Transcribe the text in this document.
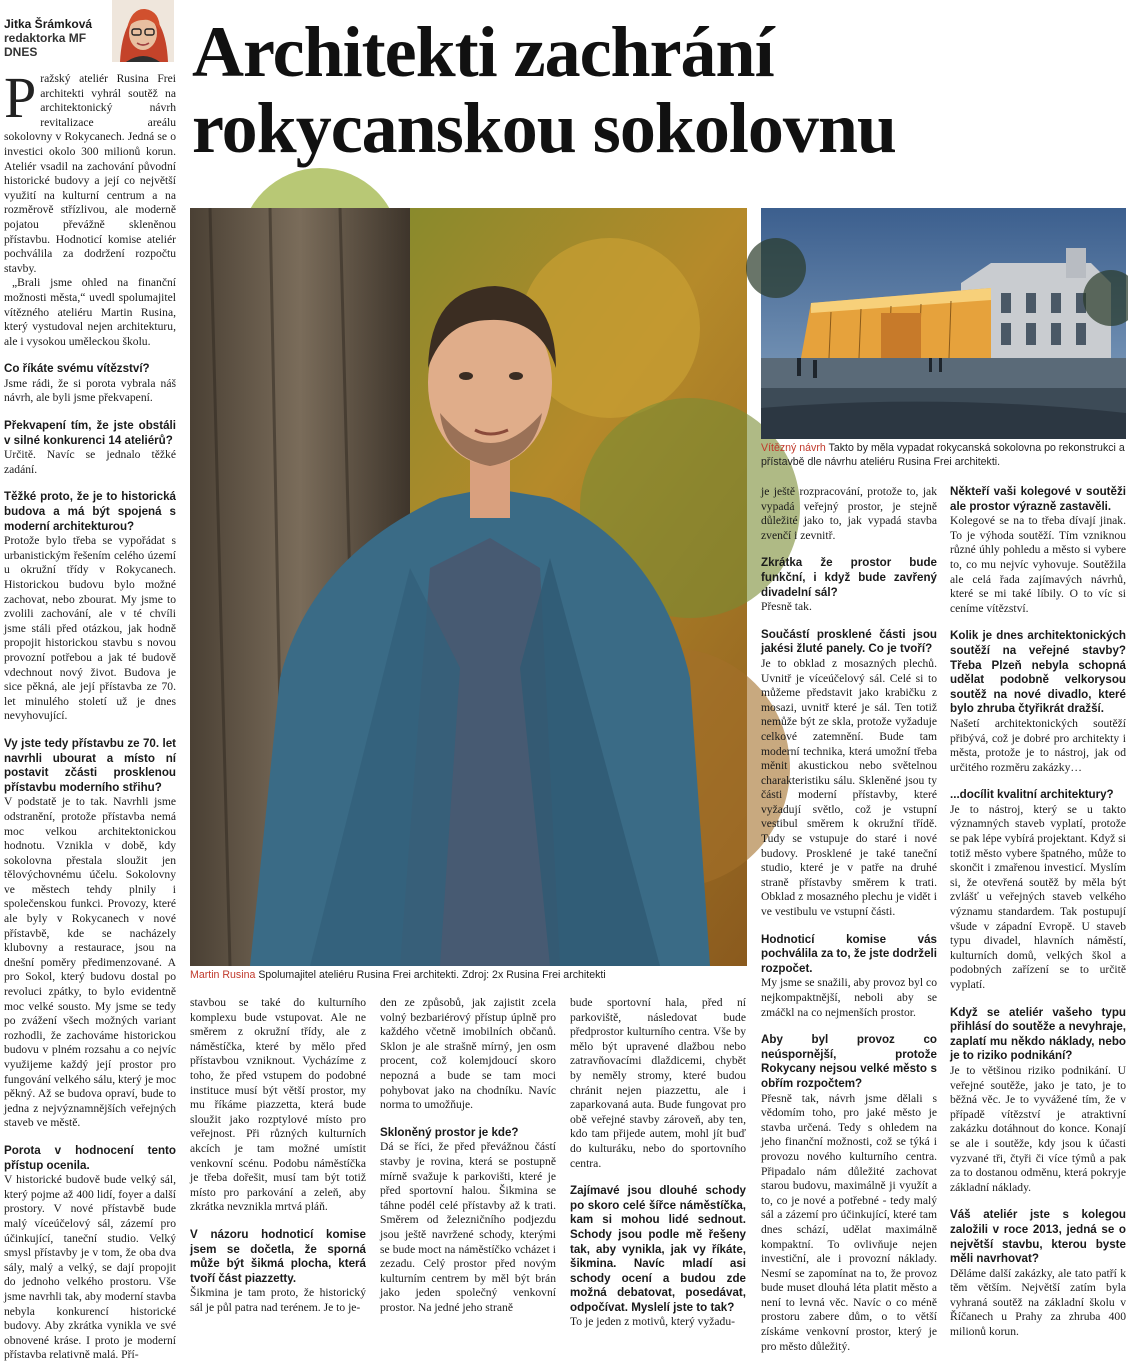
Jitka Šrámková
redaktorka MF DNES	Architekti zachrání
rokycanskou sokolovnu

Pražský ateliér Rusina Frei architekti vyhrál soutěž na architektonický návrh revitalizace areálu sokolovny v Rokycanech. Jedná se o investici okolo 300 milionů korun. Ateliér vsadil na zachování původní historické budovy a její co největší využití na kulturní centrum a na rozměrově střízlivou, ale moderně pojatou převážně skleněnou přístavbu. Hodnoticí komise ateliér pochválila za dodržení rozpočtu stavby.

„Brali jsme ohled na finanční možnosti města,“ uvedl spolumajitel vítězného ateliéru Martin Rusina, který vystudoval nejen architekturu, ale i vysokou uměleckou školu.

Co říkáte svému vítězství?

Jsme rádi, že si porota vybrala náš návrh, ale byli jsme překvapení.

Překvapení tím, že jste obstáli v silné konkurenci 14 ateliérů?

Určitě. Navíc se jednalo těžké zadání.

Těžké proto, že je to historická budova a má být spojená s moderní architekturou?

Protože bylo třeba se vypořádat s urbanistickým řešením celého území u okružní třídy v Rokycanech. Historickou budovu bylo možné zachovat, nebo zbourat. My jsme to zvolili zachování, ale v té chvíli jsme stáli před otázkou, jak hodně propojit historickou stavbu s novou provozní potřebou a jak té budově vdechnout nový život. Budova je sice pěkná, ale její přístavba ze 70. let minulého století už je dnes nevyhovující.

Vy jste tedy přístavbu ze 70. let navrhli ubourat a místo ní postavit zčásti prosklenou přístavbu moderního střihu?

V podstatě je to tak. Navrhli jsme odstranění, protože přístavba nemá moc velkou architektonickou hodnotu. Vznikla v době, kdy sokolovna přestala sloužit jen tělovýchovnému účelu. Sokolovny ve městech tehdy plnily i společenskou funkci. Provozy, které ale byly v Rokycanech v nové přístavbě, kde se nacházely klubovny a restaurace, jsou na dnešní poměry předimenzované. A pro Sokol, který budovu dostal po revoluci zpátky, to bylo evidentně moc velké sousto. My jsme se tedy po zvážení všech možných variant rozhodli, že zachováme historickou budovu v plném rozsahu a co nejvíc využijeme každý její prostor pro fungování velkého sálu, který je moc pěkný. Až se budova opraví, bude to jedna z nejvýznamnějších veřejných staveb ve městě.

Porota v hodnocení tento přístup ocenila.

V historické budově bude velký sál, který pojme až 400 lidí, foyer a další prostory. V nové přístavbě bude malý víceúčelový sál, zázemí pro účinkující, taneční studio. Velký smysl přístavby je v tom, že oba dva sály, malý a velký, se dají propojit do jednoho velkého prostoru. Vše jsme navrhli tak, aby moderní stavba nebyla konkurencí historické budovy. Aby zkrátka vynikla ve své obnovené kráse. I proto je moderní přístavba relativně malá. Pří-

Martin Rusina Spolumajitel ateliéru Rusina Frei architekti. Zdroj: 2x Rusina Frei architekti
Vítězný návrh Takto by měla vypadat rokycanská sokolovna po rekonstrukci a přístavbě dle návrhu ateliéru Rusina Frei architekti.

stavbou se také do kulturního komplexu bude vstupovat. Ale ne směrem z okružní třídy, ale z náměstíčka, které by mělo před přístavbou vzniknout. Vycházíme z toho, že před vstupem do podobné instituce musí být větší prostor, my mu říkáme piazzetta, která bude sloužit jako rozptylové místo pro veřejnost. Při různých kulturních akcích je tam možné umístit venkovní scénu. Podobu náměstíčka je třeba dořešit, musí tam být totiž místo pro parkování a zeleň, aby zkrátka nevznikla mrtvá pláň.

V názoru hodnoticí komise jsem se dočetla, že sporná může být šikmá plocha, která tvoří část piazzetty.

Šikmina je tam proto, že historický sál je půl patra nad terénem. Je to je-

den ze způsobů, jak zajistit zcela volný bezbariérový přístup úplně pro každého včetně imobilních občanů. Sklon je ale strašně mírný, jen osm procent, což kolemjdoucí skoro nepozná a bude se tam moci pohybovat jako na chodníku. Navíc norma to umožňuje.

Skloněný prostor je kde?

Dá se říci, že před převážnou částí stavby je rovina, která se postupně mírně svažuje k parkovišti, které je před sportovní halou. Šikmina se táhne podél celé přístavby až k trati. Směrem od železničního podjezdu jsou ještě navržené schody, kterými se bude moct na náměstíčko vcházet i zezadu. Celý prostor před novým kulturním centrem by měl být brán jako jeden společný venkovní prostor. Na jedné jeho straně

bude sportovní hala, před ní parkoviště, následovat bude předprostor kulturního centra. Vše by mělo být upravené dlažbou nebo zatravňovacími dlaždicemi, chybět by neměly stromy, které budou chránit nejen piazzettu, ale i zaparkovaná auta. Bude fungovat pro obě veřejné stavby zároveň, aby ten, kdo tam přijede autem, mohl jít buď do kulturáku, nebo do sportovního centra.

Zajímavé jsou dlouhé schody po skoro celé šířce náměstíčka, kam si mohou lidé sednout. Schody jsou podle mě řešeny tak, aby vynikla, jak vy říkáte, šikmina. Navíc mladí asi schody ocení a budou zde možná debatovat, posedávat, odpočívat. Myslelí jste to tak?

To je jeden z motivů, který vyžadu-

je ještě rozpracování, protože to, jak vypadá veřejný prostor, je stejně důležité jako to, jak vypadá stavba zvenčí i zevnitř.

Zkrátka že prostor bude funkční, i když bude zavřený divadelní sál?

Přesně tak.

Součástí prosklené části jsou jakési žluté panely. Co je tvoří?

Je to obklad z mosazných plechů. Uvnitř je víceúčelový sál. Celé si to můžeme představit jako krabičku z mosazi, uvnitř které je sál. Ten totiž nemůže být ze skla, protože vyžaduje celkové zatemnění. Bude tam moderní technika, která umožní třeba měnit akustickou nebo světelnou charakteristiku sálu. Skleněné jsou ty části moderní přístavby, které vyžadují světlo, což je vstupní vestibul směrem k okružní třídě. Tudy se vstupuje do staré i nové budovy. Prosklené je také taneční studio, které je v patře na druhé straně přístavby směrem k trati. Obklad z mosazného plechu je vidět i ve vestibulu ve vstupní části.

Hodnoticí komise vás pochválila za to, že jste dodrželi rozpočet.

My jsme se snažili, aby provoz byl co nejkompaktnější, neboli aby se zmáčkl na co nejmenších prostor.

Aby byl provoz co neúspornější, protože Rokycany nejsou velké město s obřím rozpočtem?

Přesně tak, návrh jsme dělali s vědomím toho, pro jaké město je stavba určená. Tedy s ohledem na jeho finanční možnosti, což se týká i provozu nového kulturního centra. Připadalo nám důležité zachovat starou budovu, maximálně ji využít a to, co je nové a potřebné - tedy malý sál a zázemí pro účinkující, které tam dnes schází, udělat maximálně kompaktní. To ovlivňuje nejen investiční, ale i provozní náklady. Nesmí se zapomínat na to, že provoz bude muset dlouhá léta platit město a není to levná věc. Navíc o co méně prostoru zabere dům, o to větší získáme venkovní prostor, který je pro město důležitý.

Někteří vaši kolegové v soutěži ale prostor výrazně zastavěli.

Kolegové se na to třeba dívají jinak. To je výhoda soutěží. Tím vzniknou různé úhly pohledu a město si vybere to, co mu nejvíc vyhovuje. Soutěžila ale celá řada zajímavých návrhů, které se mi také líbily. O to víc si ceníme vítězství.

Kolik je dnes architektonických soutěží na veřejné stavby? Třeba Plzeň nebyla schopná udělat podobně velkorysou soutěž na nové divadlo, které bylo zhruba čtyřikrát dražší.

Našetí architektonických soutěží přibývá, což je dobré pro architekty i města, protože je to nástroj, jak od určitého rozměru zakázky…

...docílit kvalitní architektury?

Je to nástroj, který se u takto významných staveb vyplatí, protože se pak lépe vybírá projektant. Když si totiž město vybere špatného, může to skončit i zmařenou investicí. Myslím si, že otevřená soutěž by měla být zvlášť u veřejných staveb velkého významu standardem. Tak postupují všude v západní Evropě. U staveb typu divadel, hlavních náměstí, kulturních domů, velkých škol a podobných zařízení se to určitě vyplatí.

Když se ateliér vašeho typu přihlásí do soutěže a nevyhraje, zaplatí mu někdo náklady, nebo je to riziko podnikání?

Je to většinou riziko podnikání. U veřejné soutěže, jako je tato, je to běžná věc. Je to vyvážené tím, že v případě vítězství je atraktivní zakázku dotáhnout do konce. Konají se ale i soutěže, kdy jsou k účasti vyzvané tři, čtyři či více týmů a pak za to dostanou odměnu, která pokryje základní náklady.

Váš ateliér jste s kolegou založili v roce 2013, jedná se o největší stavbu, kterou byste měli navrhovat?

Děláme další zakázky, ale tato patří k těm větším. Největší zatím byla vyhraná soutěž na základní školu v Říčanech u Prahy za zhruba 400 milionů korun.
